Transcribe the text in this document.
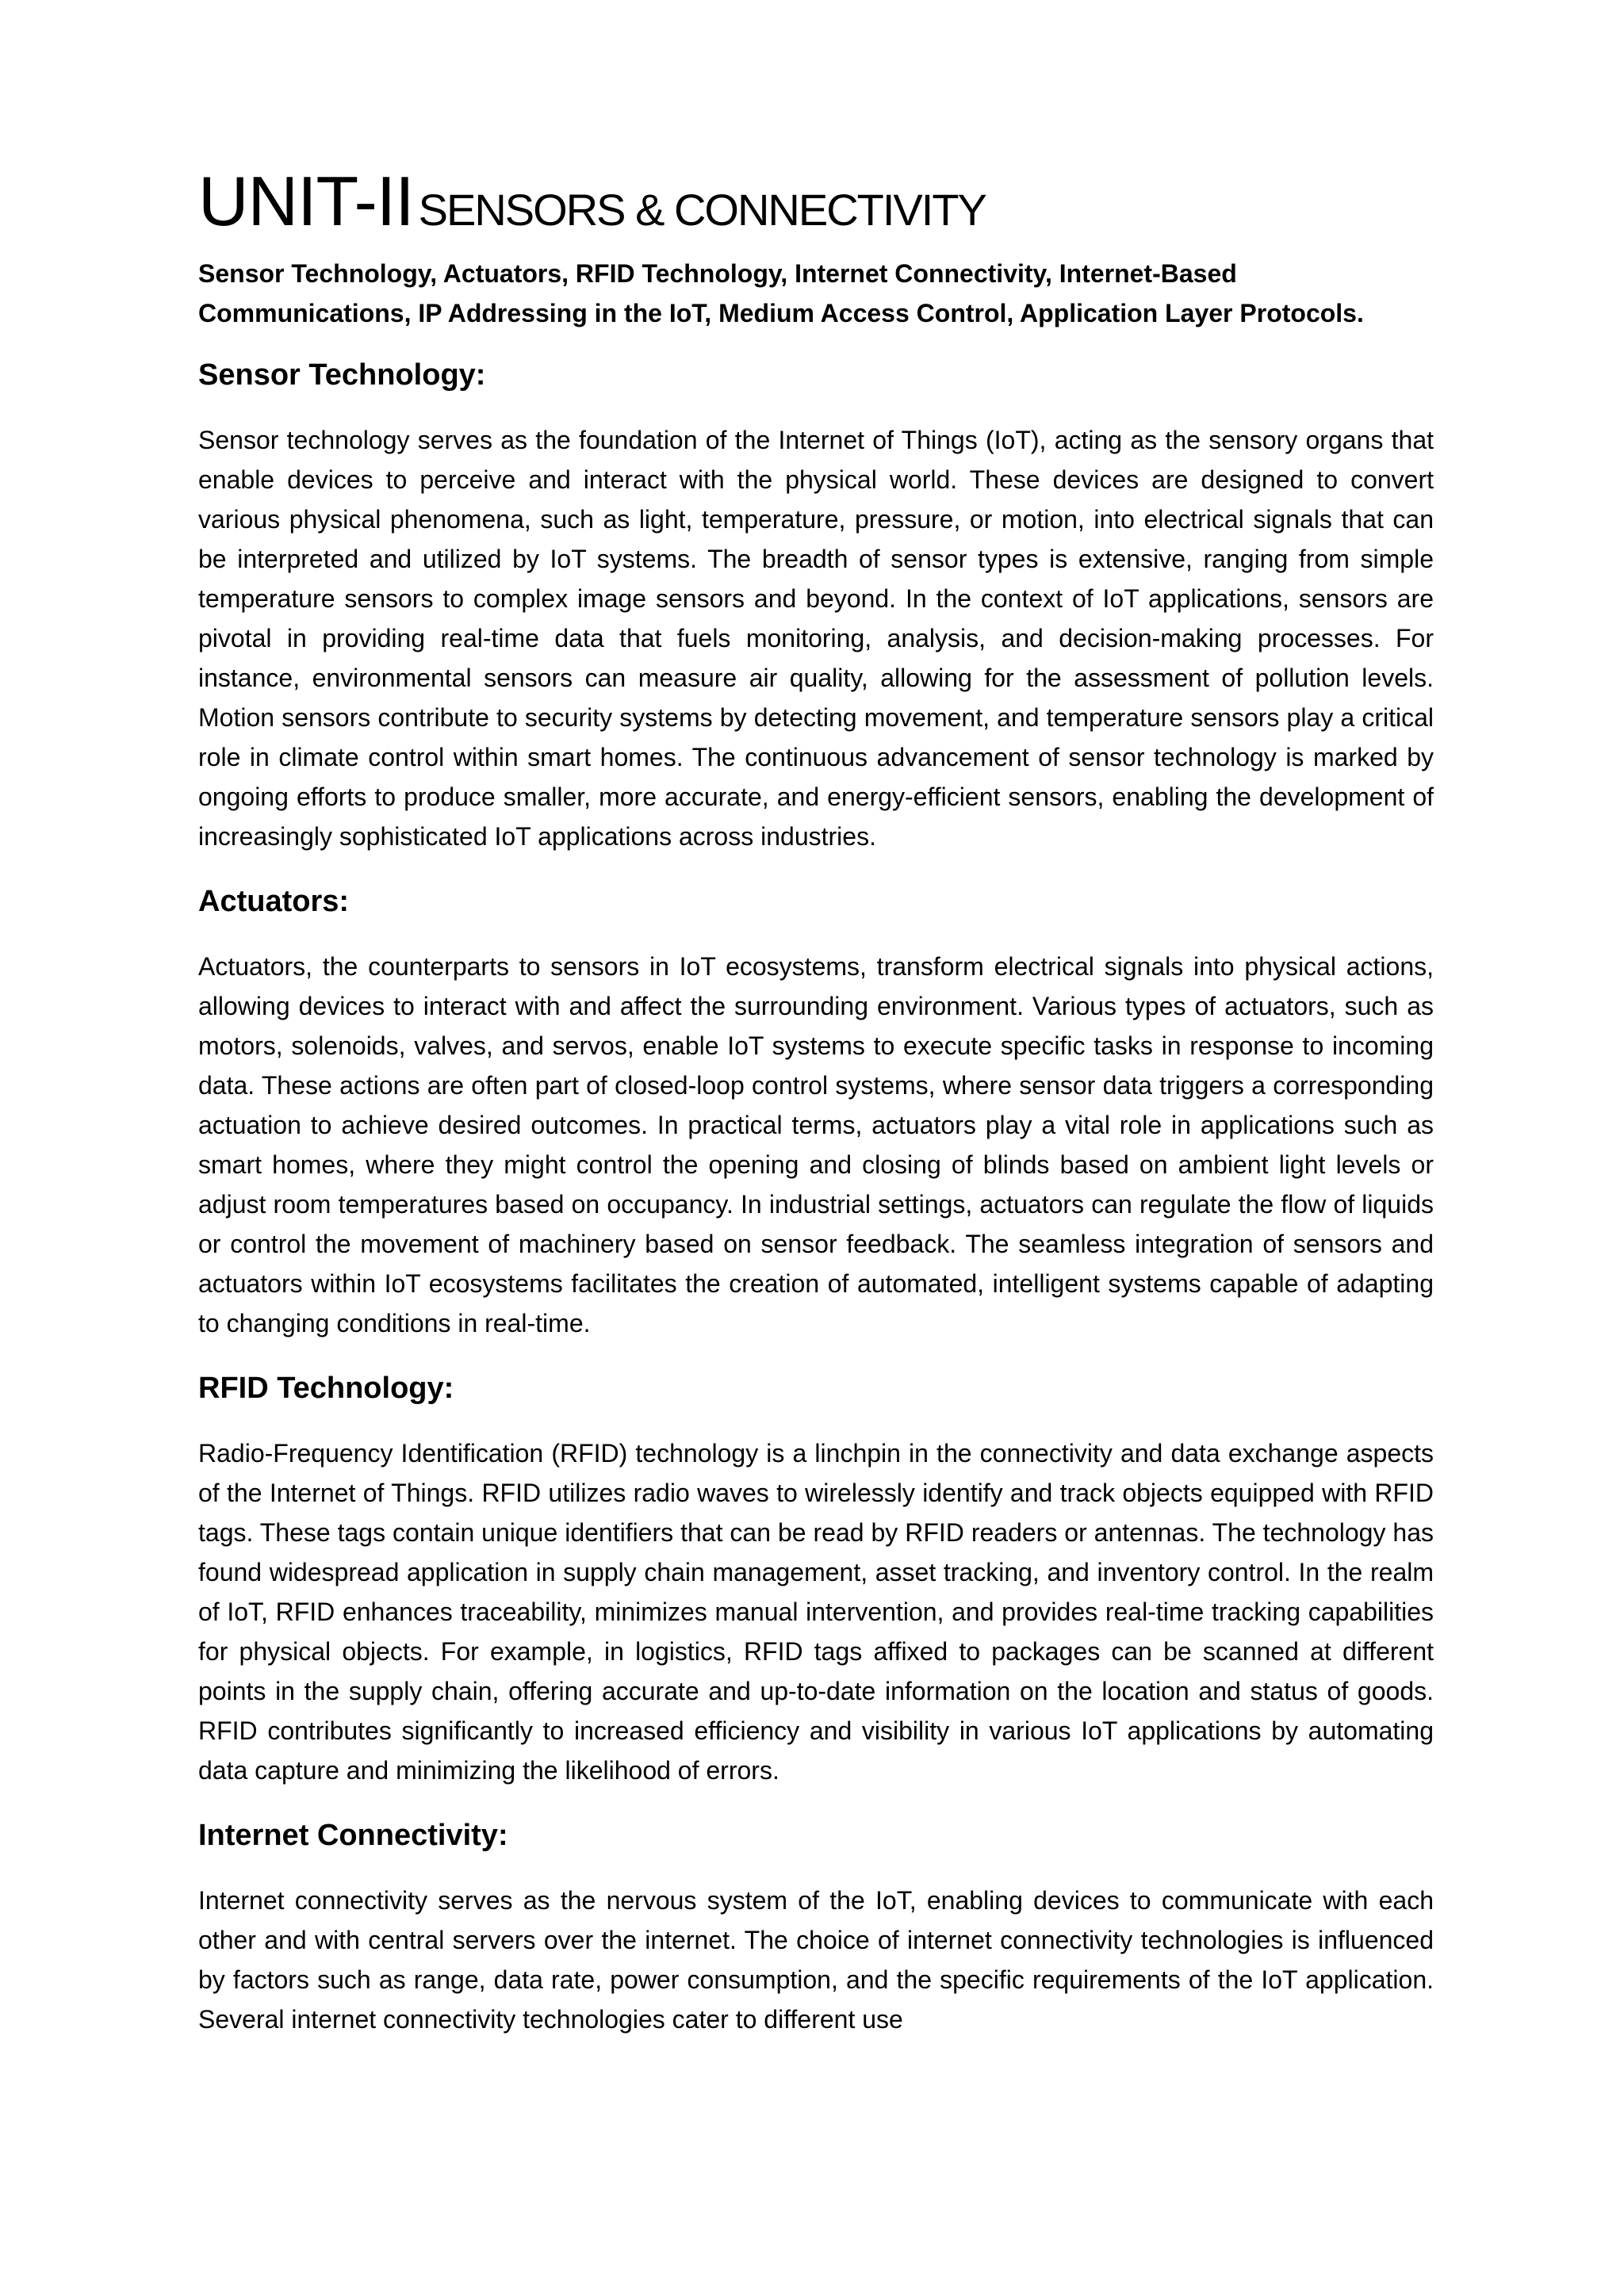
UNIT-II SENSORS & CONNECTIVITY

Sensor Technology, Actuators, RFID Technology, Internet Connectivity, Internet-Based Communications, IP Addressing in the IoT, Medium Access Control, Application Layer Protocols.

Sensor Technology:

Sensor technology serves as the foundation of the Internet of Things (IoT), acting as the sensory organs that enable devices to perceive and interact with the physical world. These devices are designed to convert various physical phenomena, such as light, temperature, pressure, or motion, into electrical signals that can be interpreted and utilized by IoT systems. The breadth of sensor types is extensive, ranging from simple temperature sensors to complex image sensors and beyond. In the context of IoT applications, sensors are pivotal in providing real-time data that fuels monitoring, analysis, and decision-making processes. For instance, environmental sensors can measure air quality, allowing for the assessment of pollution levels. Motion sensors contribute to security systems by detecting movement, and temperature sensors play a critical role in climate control within smart homes. The continuous advancement of sensor technology is marked by ongoing efforts to produce smaller, more accurate, and energy-efficient sensors, enabling the development of increasingly sophisticated IoT applications across industries.

Actuators:

Actuators, the counterparts to sensors in IoT ecosystems, transform electrical signals into physical actions, allowing devices to interact with and affect the surrounding environment. Various types of actuators, such as motors, solenoids, valves, and servos, enable IoT systems to execute specific tasks in response to incoming data. These actions are often part of closed-loop control systems, where sensor data triggers a corresponding actuation to achieve desired outcomes. In practical terms, actuators play a vital role in applications such as smart homes, where they might control the opening and closing of blinds based on ambient light levels or adjust room temperatures based on occupancy. In industrial settings, actuators can regulate the flow of liquids or control the movement of machinery based on sensor feedback. The seamless integration of sensors and actuators within IoT ecosystems facilitates the creation of automated, intelligent systems capable of adapting to changing conditions in real-time.

RFID Technology:

Radio-Frequency Identification (RFID) technology is a linchpin in the connectivity and data exchange aspects of the Internet of Things. RFID utilizes radio waves to wirelessly identify and track objects equipped with RFID tags. These tags contain unique identifiers that can be read by RFID readers or antennas. The technology has found widespread application in supply chain management, asset tracking, and inventory control. In the realm of IoT, RFID enhances traceability, minimizes manual intervention, and provides real-time tracking capabilities for physical objects. For example, in logistics, RFID tags affixed to packages can be scanned at different points in the supply chain, offering accurate and up-to-date information on the location and status of goods. RFID contributes significantly to increased efficiency and visibility in various IoT applications by automating data capture and minimizing the likelihood of errors.

Internet Connectivity:

Internet connectivity serves as the nervous system of the IoT, enabling devices to communicate with each other and with central servers over the internet. The choice of internet connectivity technologies is influenced by factors such as range, data rate, power consumption, and the specific requirements of the IoT application. Several internet connectivity technologies cater to different use
